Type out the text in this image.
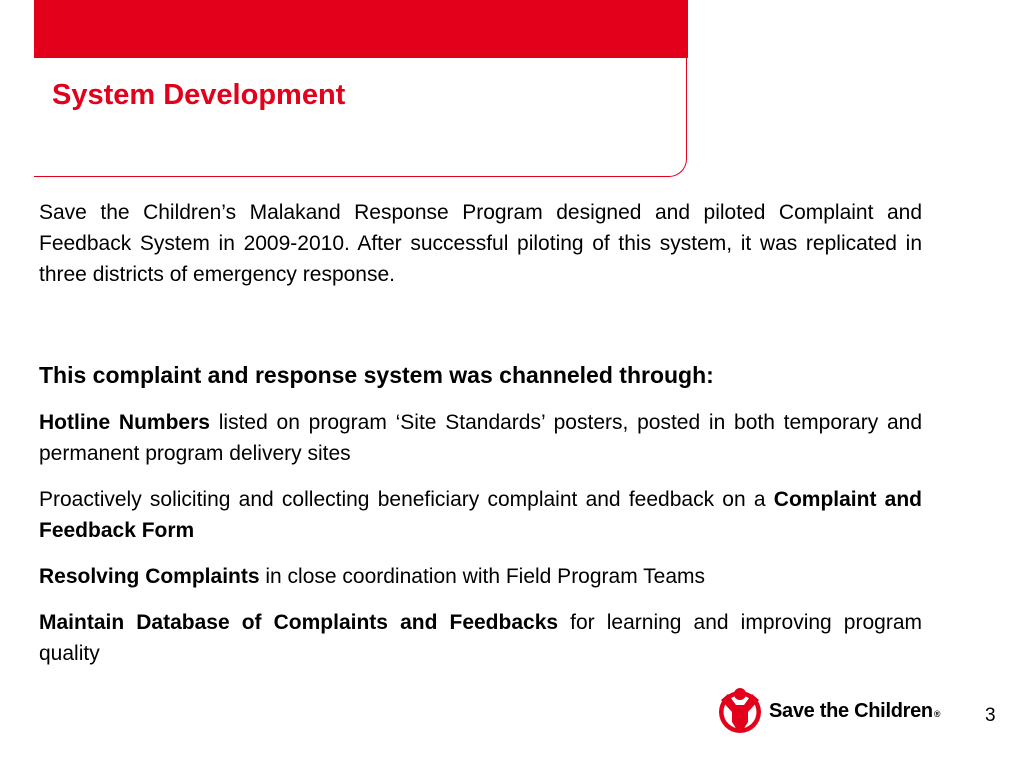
System Development

Save the Children’s Malakand Response Program designed and piloted Complaint and Feedback System in 2009-2010. After successful piloting of this system, it was replicated in three districts of emergency response.

This complaint and response system was channeled through:

Hotline Numbers listed on program ‘Site Standards’ posters, posted in both temporary and permanent program delivery sites

Proactively soliciting and collecting beneficiary complaint and feedback on a Complaint and Feedback Form

Resolving Complaints in close coordination with Field Program Teams

Maintain Database of Complaints and Feedbacks for learning and improving program quality

Save the Children® 3
